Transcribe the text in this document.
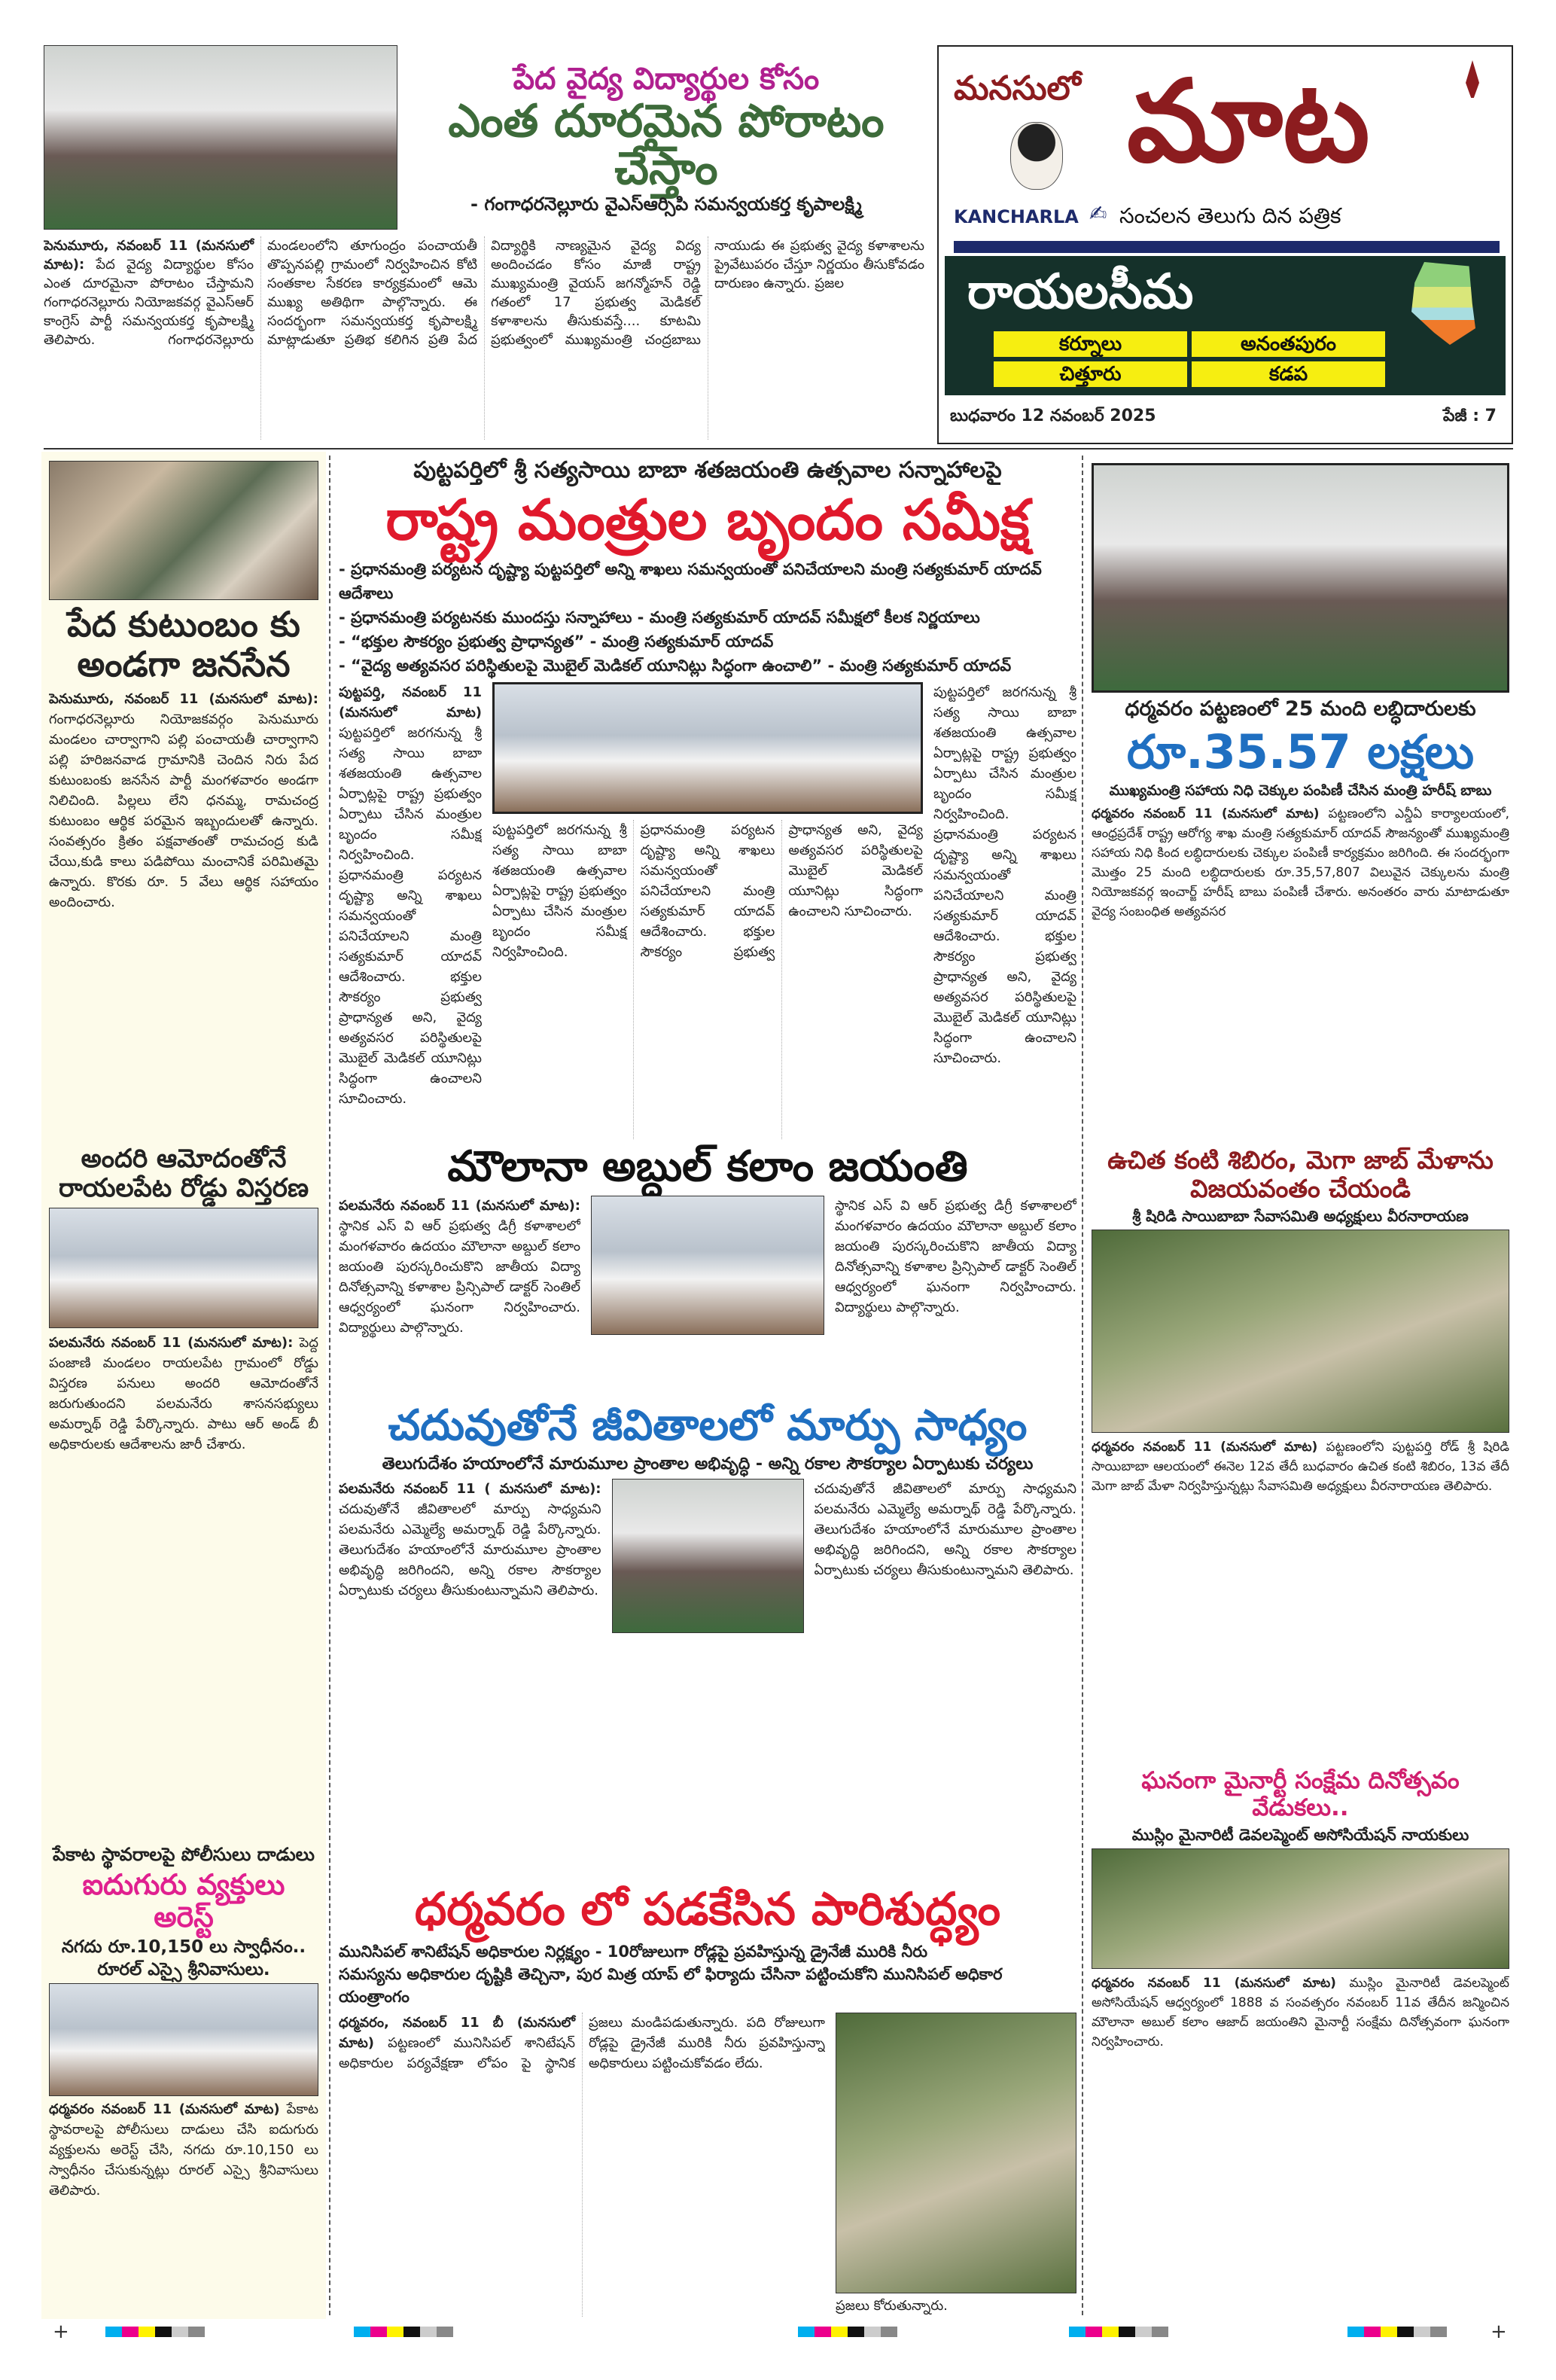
పేద వైద్య విద్యార్థుల కోసం
ఎంత దూరమైన పోరాటం చేస్తాం
- గంగాధరనెల్లూరు వైఎస్ఆర్సిపి సమన్వయకర్త కృపాలక్ష్మి
పెనుమూరు, నవంబర్ 11 (మనసులో మాట): పేద వైద్య విద్యార్థుల కోసం ఎంత దూరమైనా పోరాటం చేస్తామని గంగాధరనెల్లూరు నియోజకవర్గ వైఎస్ఆర్ కాంగ్రెస్ పార్టీ సమన్వయకర్త కృపాలక్ష్మి తెలిపారు. గంగాధరనెల్లూరు మండలంలోని తూగుంద్రం పంచాయతీ తొప్పనపల్లి గ్రామంలో నిర్వహించిన కోటి సంతకాల సేకరణ కార్యక్రమంలో ఆమె ముఖ్య అతిథిగా పాల్గొన్నారు. ఈ సందర్భంగా సమన్వయకర్త కృపాలక్ష్మి మాట్లాడుతూ ప్రతిభ కలిగిన ప్రతి పేద విద్యార్థికి నాణ్యమైన వైద్య విద్య అందించడం కోసం మాజీ రాష్ట్ర ముఖ్యమంత్రి వైయస్ జగన్మోహన్ రెడ్డి గతంలో 17 ప్రభుత్వ మెడికల్ కళాశాలను తీసుకువస్తే.... కూటమి ప్రభుత్వంలో ముఖ్యమంత్రి చంద్రబాబు నాయుడు ఈ ప్రభుత్వ వైద్య కళాశాలను ప్రైవేటుపరం చేస్తూ నిర్ణయం తీసుకోవడం దారుణం ఉన్నారు. ప్రజల
మనసులో మాట
KANCHARLA ✍ సంచలన తెలుగు దిన పత్రిక
రాయలసీమ
కర్నూలు	అనంతపురం
చిత్తూరు	కడప
బుధవారం 12 నవంబర్ 2025	పేజీ : 7
పేద కుటుంబం కు అండగా జనసేన
పెనుమూరు, నవంబర్ 11 (మనసులో మాట): గంగాధరనెల్లూరు నియోజకవర్గం పెనుమూరు మండలం చార్వాగాని పల్లి పంచాయతీ చార్వాగాని పల్లి హరిజనవాడ గ్రామానికి చెందిన నిరు పేద కుటుంబంకు జనసేన పార్టీ మంగళవారం అండగా నిలిచింది. పిల్లలు లేని ధనమ్మ, రామచంద్ర కుటుంబం ఆర్థిక పరమైన ఇబ్బందులతో ఉన్నారు. సంవత్సరం క్రితం పక్షవాతంతో రామచంద్ర కుడి చేయి,కుడి కాలు పడిపోయి మంచానికే పరిమితమై ఉన్నారు. కొరకు రూ. 5 వేలు ఆర్థిక సహాయం అందించారు.
అందరి ఆమోదంతోనే రాయలపేట రోడ్డు విస్తరణ
పలమనేరు నవంబర్ 11 (మనసులో మాట): పెద్ద పంజాణి మండలం రాయలపేట గ్రామంలో రోడ్డు విస్తరణ పనులు అందరి ఆమోదంతోనే జరుగుతుందని పలమనేరు శాసనసభ్యులు అమర్నాథ్ రెడ్డి పేర్కొన్నారు. పాటు ఆర్ అండ్ బీ అధికారులకు ఆదేశాలను జారీ చేశారు.
పేకాట స్థావరాలపై పోలీసులు దాడులు
ఐదుగురు వ్యక్తులు అరెస్ట్
నగదు రూ.10,150 లు స్వాధీనం..
రూరల్ ఎస్సై శ్రీనివాసులు.
ధర్మవరం నవంబర్ 11 (మనసులో మాట) పేకాట స్థావరాలపై పోలీసులు దాడులు చేసి ఐదుగురు వ్యక్తులను అరెస్ట్ చేసి, నగదు రూ.10,150 లు స్వాధీనం చేసుకున్నట్లు రూరల్ ఎస్సై శ్రీనివాసులు తెలిపారు.
పుట్టపర్తిలో శ్రీ సత్యసాయి బాబా శతజయంతి ఉత్సవాల సన్నాహాలపై
రాష్ట్ర మంత్రుల బృందం సమీక్ష
- ప్రధానమంత్రి పర్యటన దృష్ట్యా పుట్టపర్తిలో అన్ని శాఖలు సమన్వయంతో పనిచేయాలని మంత్రి సత్యకుమార్ యాదవ్ ఆదేశాలు
- ప్రధానమంత్రి పర్యటనకు ముందస్తు సన్నాహాలు - మంత్రి సత్యకుమార్ యాదవ్ సమీక్షలో కీలక నిర్ణయాలు
- “భక్తుల సౌకర్యం ప్రభుత్వ ప్రాధాన్యత” - మంత్రి సత్యకుమార్ యాదవ్
- “వైద్య అత్యవసర పరిస్థితులపై మొబైల్ మెడికల్ యూనిట్లు సిద్ధంగా ఉంచాలి” - మంత్రి సత్యకుమార్ యాదవ్
పుట్టపర్తి, నవంబర్ 11 (మనసులో మాట) పుట్టపర్తిలో జరగనున్న శ్రీ సత్య సాయి బాబా శతజయంతి ఉత్సవాల ఏర్పాట్లపై రాష్ట్ర ప్రభుత్వం ఏర్పాటు చేసిన మంత్రుల బృందం సమీక్ష నిర్వహించింది. ప్రధానమంత్రి పర్యటన దృష్ట్యా అన్ని శాఖలు సమన్వయంతో పనిచేయాలని మంత్రి సత్యకుమార్ యాదవ్ ఆదేశించారు. భక్తుల సౌకర్యం ప్రభుత్వ ప్రాధాన్యత అని, వైద్య అత్యవసర పరిస్థితులపై మొబైల్ మెడికల్ యూనిట్లు సిద్ధంగా ఉంచాలని సూచించారు.
పుట్టపర్తిలో జరగనున్న శ్రీ సత్య సాయి బాబా శతజయంతి ఉత్సవాల ఏర్పాట్లపై రాష్ట్ర ప్రభుత్వం ఏర్పాటు చేసిన మంత్రుల బృందం సమీక్ష నిర్వహించింది. ప్రధానమంత్రి పర్యటన దృష్ట్యా అన్ని శాఖలు సమన్వయంతో పనిచేయాలని మంత్రి సత్యకుమార్ యాదవ్ ఆదేశించారు. భక్తుల సౌకర్యం ప్రభుత్వ ప్రాధాన్యత అని, వైద్య అత్యవసర పరిస్థితులపై మొబైల్ మెడికల్ యూనిట్లు సిద్ధంగా ఉంచాలని సూచించారు.
పుట్టపర్తిలో జరగనున్న శ్రీ సత్య సాయి బాబా శతజయంతి ఉత్సవాల ఏర్పాట్లపై రాష్ట్ర ప్రభుత్వం ఏర్పాటు చేసిన మంత్రుల బృందం సమీక్ష నిర్వహించింది. ప్రధానమంత్రి పర్యటన దృష్ట్యా అన్ని శాఖలు సమన్వయంతో పనిచేయాలని మంత్రి సత్యకుమార్ యాదవ్ ఆదేశించారు. భక్తుల సౌకర్యం ప్రభుత్వ ప్రాధాన్యత అని, వైద్య అత్యవసర పరిస్థితులపై మొబైల్ మెడికల్ యూనిట్లు సిద్ధంగా ఉంచాలని సూచించారు.
మౌలానా అబ్దుల్ కలాం జయంతి
పలమనేరు నవంబర్ 11 (మనసులో మాట): స్థానిక ఎస్ వి ఆర్ ప్రభుత్వ డిగ్రీ కళాశాలలో మంగళవారం ఉదయం మౌలానా అబ్దుల్ కలాం జయంతి పురస్కరించుకొని జాతీయ విద్యా దినోత్సవాన్ని కళాశాల ప్రిన్సిపాల్ డాక్టర్ సెంతిల్ ఆధ్వర్యంలో ఘనంగా నిర్వహించారు. విద్యార్థులు పాల్గొన్నారు.
స్థానిక ఎస్ వి ఆర్ ప్రభుత్వ డిగ్రీ కళాశాలలో మంగళవారం ఉదయం మౌలానా అబ్దుల్ కలాం జయంతి పురస్కరించుకొని జాతీయ విద్యా దినోత్సవాన్ని కళాశాల ప్రిన్సిపాల్ డాక్టర్ సెంతిల్ ఆధ్వర్యంలో ఘనంగా నిర్వహించారు. విద్యార్థులు పాల్గొన్నారు.
చదువుతోనే జీవితాలలో మార్పు సాధ్యం
తెలుగుదేశం హయాంలోనే మారుమూల ప్రాంతాల అభివృద్ధి - అన్ని రకాల సౌకర్యాల ఏర్పాటుకు చర్యలు
పలమనేరు నవంబర్ 11 ( మనసులో మాట): చదువుతోనే జీవితాలలో మార్పు సాధ్యమని పలమనేరు ఎమ్మెల్యే అమర్నాథ్ రెడ్డి పేర్కొన్నారు. తెలుగుదేశం హయాంలోనే మారుమూల ప్రాంతాల అభివృద్ధి జరిగిందని, అన్ని రకాల సౌకర్యాల ఏర్పాటుకు చర్యలు తీసుకుంటున్నామని తెలిపారు.
చదువుతోనే జీవితాలలో మార్పు సాధ్యమని పలమనేరు ఎమ్మెల్యే అమర్నాథ్ రెడ్డి పేర్కొన్నారు. తెలుగుదేశం హయాంలోనే మారుమూల ప్రాంతాల అభివృద్ధి జరిగిందని, అన్ని రకాల సౌకర్యాల ఏర్పాటుకు చర్యలు తీసుకుంటున్నామని తెలిపారు.
ధర్మవరం లో పడకేసిన పారిశుద్ధ్యం
మునిసిపల్ శానిటేషన్ అధికారుల నిర్లక్ష్యం - 10రోజులుగా రోడ్లపై ప్రవహిస్తున్న డ్రైనేజీ మురికి నీరు
సమస్యను అధికారుల దృష్టికి తెచ్చినా, పుర మిత్ర యాప్ లో ఫిర్యాదు చేసినా పట్టించుకోని మునిసిపల్ అధికార యంత్రాంగం
ధర్మవరం, నవంబర్ 11 బీ (మనసులో మాట) పట్టణంలో మునిసిపల్ శానిటేషన్ అధికారుల పర్యవేక్షణా లోపం పై స్థానిక ప్రజలు మండిపడుతున్నారు. పది రోజులుగా రోడ్లపై డ్రైనేజీ మురికి నీరు ప్రవహిస్తున్నా అధికారులు పట్టించుకోవడం లేదు.
ప్రజలు కోరుతున్నారు.
ధర్మవరం పట్టణంలో 25 మంది లబ్ధిదారులకు
రూ.35.57 లక్షలు
ముఖ్యమంత్రి సహాయ నిధి చెక్కుల పంపిణీ చేసిన మంత్రి హరీష్ బాబు
ధర్మవరం నవంబర్ 11 (మనసులో మాట) పట్టణంలోని ఎన్డీఏ కార్యాలయంలో, ఆంధ్రప్రదేశ్ రాష్ట్ర ఆరోగ్య శాఖ మంత్రి సత్యకుమార్ యాదవ్ సౌజన్యంతో ముఖ్యమంత్రి సహాయ నిధి కింద లబ్ధిదారులకు చెక్కుల పంపిణీ కార్యక్రమం జరిగింది. ఈ సందర్భంగా మొత్తం 25 మంది లబ్ధిదారులకు రూ.35,57,807 విలువైన చెక్కులను మంత్రి నియోజకవర్గ ఇంచార్జ్ హరీష్ బాబు పంపిణీ చేశారు. అనంతరం వారు మాటాడుతూ వైద్య సంబంధిత అత్యవసర
ఉచిత కంటి శిబిరం, మెగా జాబ్ మేళాను విజయవంతం చేయండి
శ్రీ షిరిడి సాయిబాబా సేవాసమితి అధ్యక్షులు వీరనారాయణ
ధర్మవరం నవంబర్ 11 (మనసులో మాట) పట్టణంలోని పుట్టపర్తి రోడ్ శ్రీ షిరిడి సాయిబాబా ఆలయంలో ఈనెల 12వ తేదీ బుధవారం ఉచిత కంటి శిబిరం, 13వ తేదీ మెగా జాబ్ మేళా నిర్వహిస్తున్నట్లు సేవాసమితి అధ్యక్షులు వీరనారాయణ తెలిపారు.
ఘనంగా మైనార్టీ సంక్షేమ దినోత్సవం వేడుకలు..
ముస్లిం మైనారిటీ డెవలప్మెంట్ అసోసియేషన్ నాయకులు
ధర్మవరం నవంబర్ 11 (మనసులో మాట) ముస్లిం మైనారిటీ డెవలప్మెంట్ అసోసియేషన్ ఆధ్వర్యంలో 1888 వ సంవత్సరం నవంబర్ 11వ తేదీన జన్మించిన మౌలానా అబుల్ కలాం ఆజాద్ జయంతిని మైనార్టీ సంక్షేమ దినోత్సవంగా ఘనంగా నిర్వహించారు.
+	+
